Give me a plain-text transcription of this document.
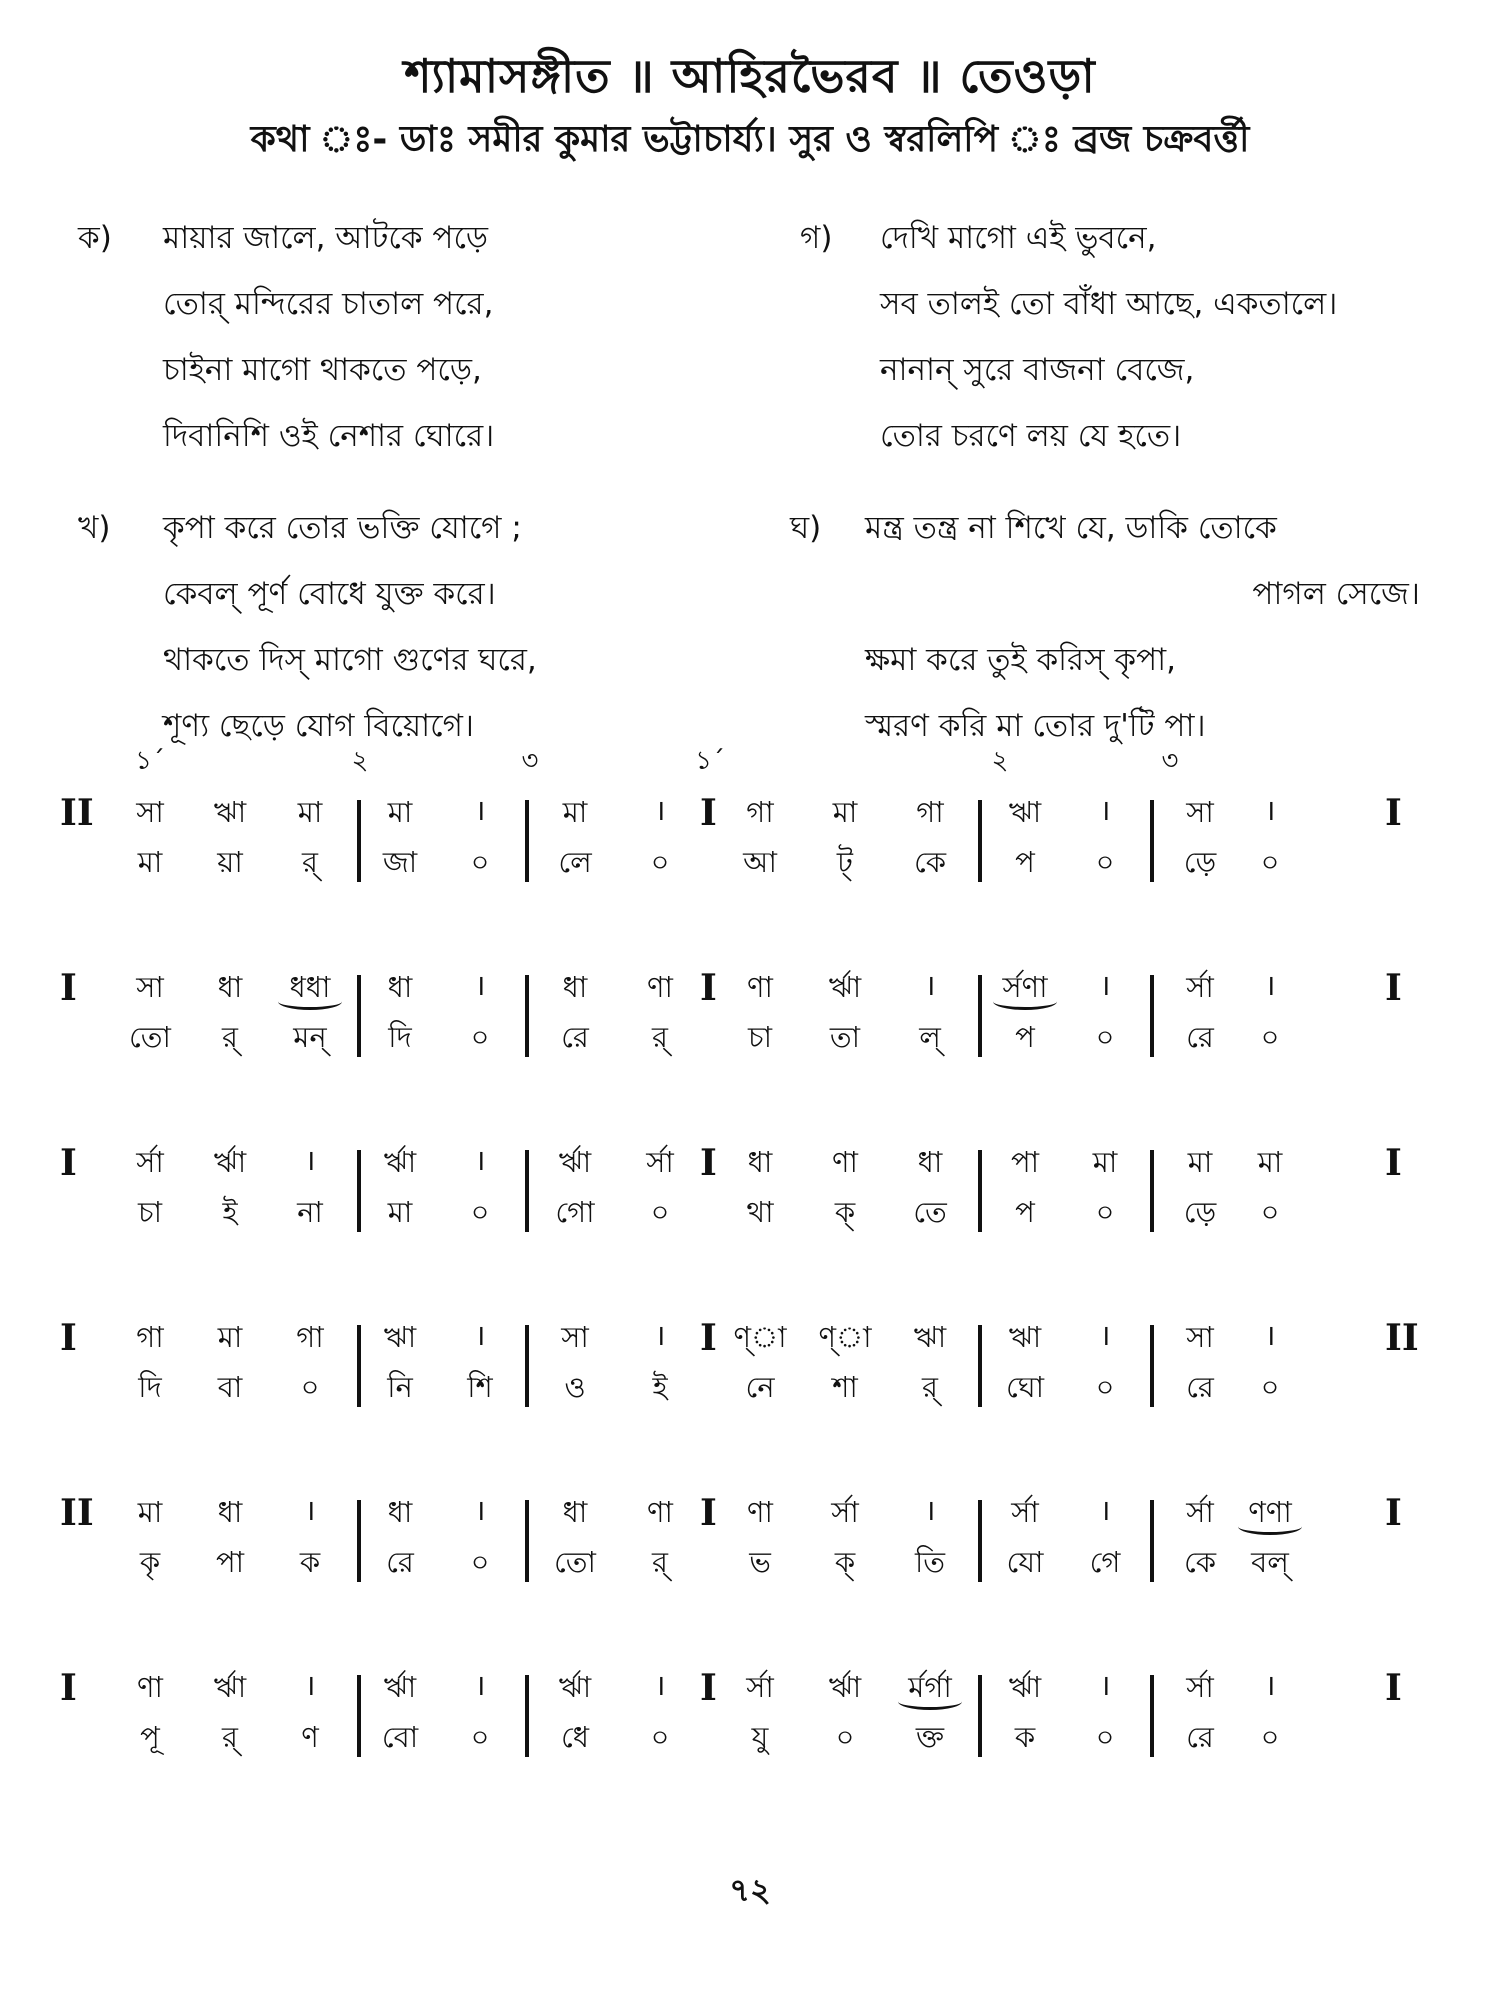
শ্যামাসঙ্গীত ॥ আহিরভৈরব ॥ তেওড়া
কথা ঃ- ডাঃ সমীর কুমার ভট্টাচার্য্য। সুর ও স্বরলিপি ঃ ব্রজ চক্রবর্ত্তী
ক) মায়ার জালে, আটকে পড়ে
তোর্ মন্দিরের চাতাল পরে,
চাইনা মাগো থাকতে পড়ে,
দিবানিশি ওই নেশার ঘোরে।
গ) দেখি মাগো এই ভুবনে,
সব তালই তো বাঁধা আছে, একতালে।
নানান্ সুরে বাজনা বেজে,
তোর চরণে লয় যে হতে।
খ) কৃপা করে তোর ভক্তি যোগে ;
কেবল্ পূর্ণ বোধে যুক্ত করে।
থাকতে দিস্ মাগো গুণের ঘরে,
শূণ্য ছেড়ে যোগ বিয়োগে।
ঘ) মন্ত্র তন্ত্র না শিখে যে, ডাকি তোকে
পাগল সেজে।
ক্ষমা করে তুই করিস্ কৃপা,
স্মরণ করি মা তোর দু'টি পা।
১´	২	৩	১´	২	৩
II	I
I
সা	ঋা	মা	মা	।	মা	।	গা	মা	গা	ঋা	।	সা	।
মা	য়া	র্	জা	০	লে	০	আ	ট্	কে	প	০	ড়ে	০
I	I
I
সা	ধা	ধধা	ধা	।	ধা	ণা	ণা	র্ঋা	।	র্সণা	।	র্সা	।
তো	র্	মন্	দি	০	রে	র্	চা	তা	ল্	প	০	রে	০
I	I
I
র্সা	র্ঋা	।	র্ঋা	।	র্ঋা	র্সা	ধা	ণা	ধা	পা	মা	মা	মা
চা	ই	না	মা	০	গো	০	থা	ক্	তে	প	০	ড়ে	০
I	II
I
গা	মা	গা	ঋা	।	সা	।	ণ্া ণ্া	ঋা	ঋা	।	সা	।
দি	বা	০	নি	শি	ও	ই	নে	শা	র্	ঘো	০	রে	০
II	I
I
মা	ধা	।	ধা	।	ধা	ণা	ণা	র্সা	।	র্সা	।	র্সা	ণণা
কৃ	পা	ক	রে	০	তো	র্	ভ	ক্	তি	যো	গে	কে	বল্
I	I
I
ণা	র্ঋা	।	র্ঋা	।	র্ঋা	।	র্সা	র্ঋা	র্মর্গা	র্ঋা	।	র্সা	।
পূ	র্	ণ	বো	০	ধে	০	যু	০	ক্ত	ক	০	রে	০
৭২
